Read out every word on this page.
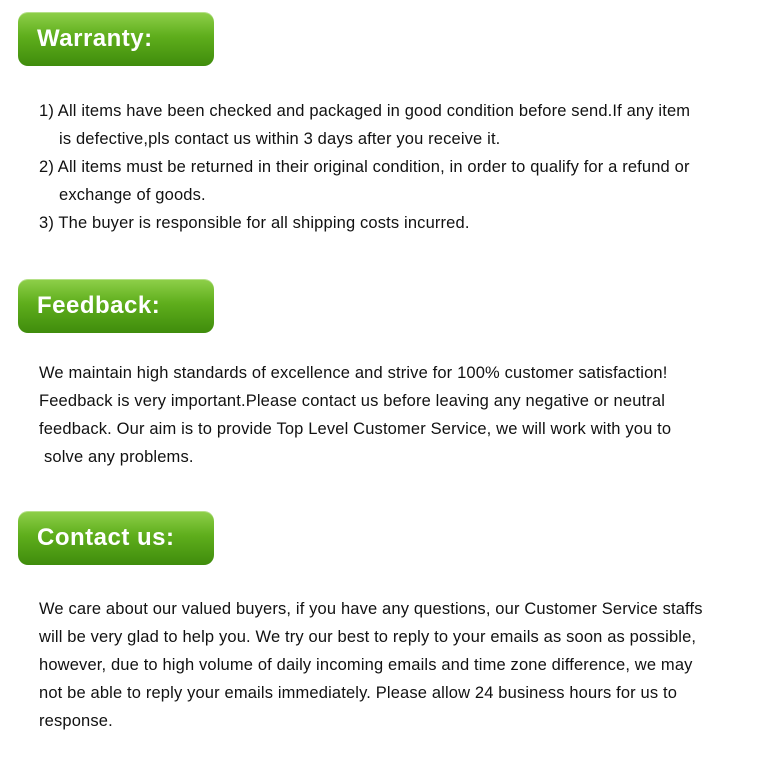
Warranty:
1) All items have been checked and packaged in good condition before send.If any item
is defective,pls contact us within 3 days after you receive it.
2) All items must be returned in their original condition, in order to qualify for a refund or
exchange of goods.
3) The buyer is responsible for all shipping costs incurred.
Feedback:
We maintain high standards of excellence and strive for 100% customer satisfaction!
Feedback is very important.Please contact us before leaving any negative or neutral
feedback. Our aim is to provide Top Level Customer Service, we will work with you to
solve any problems.
Contact us:
We care about our valued buyers, if you have any questions, our Customer Service staffs
will be very glad to help you. We try our best to reply to your emails as soon as possible,
however, due to high volume of daily incoming emails and time zone difference, we may
not be able to reply your emails immediately. Please allow 24 business hours for us to
response.
